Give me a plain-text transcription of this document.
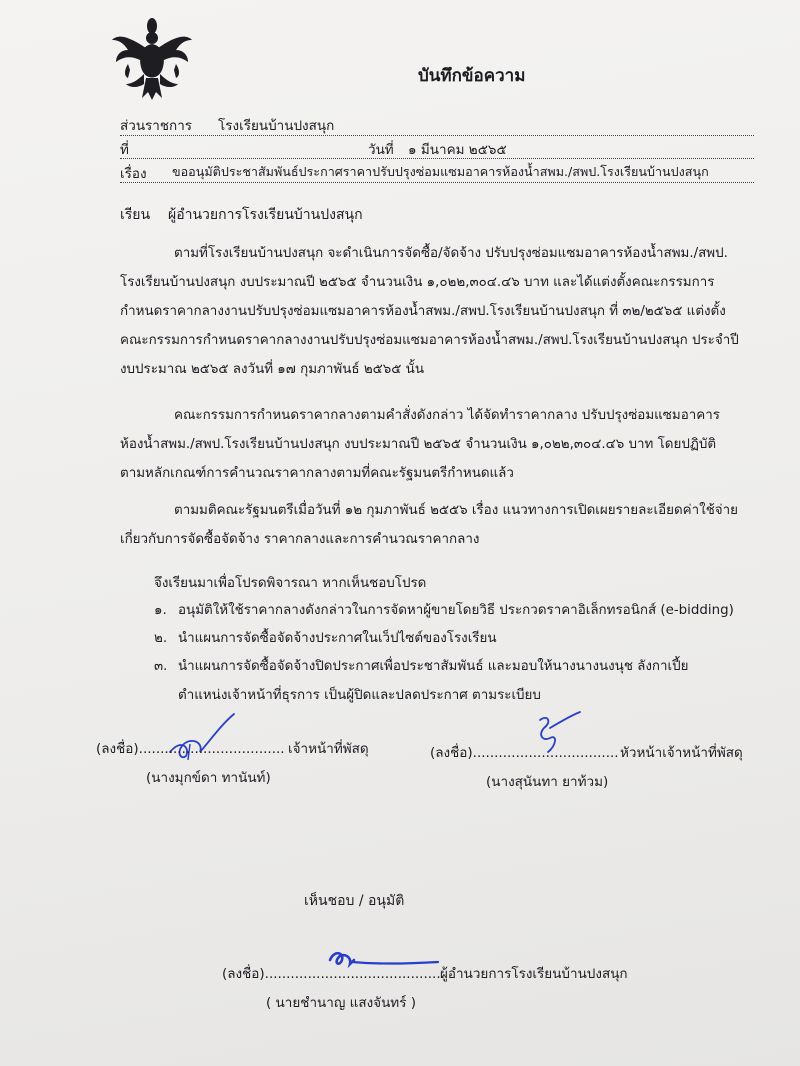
บันทึกข้อความ
ส่วนราชการ โรงเรียนบ้านปงสนุก
ที่	วันที่ ๑ มีนาคม ๒๕๖๕
เรื่อง ขออนุมัติประชาสัมพันธ์ประกาศราคาปรับปรุงซ่อมแซมอาคารห้องน้ำสพม./สพป.โรงเรียนบ้านปงสนุก
เรียน ผู้อำนวยการโรงเรียนบ้านปงสนุก
ตามที่โรงเรียนบ้านปงสนุก จะดำเนินการจัดซื้อ/จัดจ้าง ปรับปรุงซ่อมแซมอาคารห้องน้ำสพม./สพป.
โรงเรียนบ้านปงสนุก งบประมาณปี ๒๕๖๕ จำนวนเงิน ๑,๐๒๒,๓๐๔.๔๖ บาท และได้แต่งตั้งคณะกรรมการ
กำหนดราคากลางงานปรับปรุงซ่อมแซมอาคารห้องน้ำสพม./สพป.โรงเรียนบ้านปงสนุก ที่ ๓๒/๒๕๖๕ แต่งตั้ง
คณะกรรมการกำหนดราคากลางงานปรับปรุงซ่อมแซมอาคารห้องน้ำสพม./สพป.โรงเรียนบ้านปงสนุก ประจำปี
งบประมาณ ๒๕๖๕ ลงวันที่ ๑๗ กุมภาพันธ์ ๒๕๖๕ นั้น
คณะกรรมการกำหนดราคากลางตามคำสั่งดังกล่าว ได้จัดทำราคากลาง ปรับปรุงซ่อมแซมอาคาร
ห้องน้ำสพม./สพป.โรงเรียนบ้านปงสนุก งบประมาณปี ๒๕๖๕ จำนวนเงิน ๑,๐๒๒,๓๐๔.๔๖ บาท โดยปฏิบัติ
ตามหลักเกณฑ์การคำนวณราคากลางตามที่คณะรัฐมนตรีกำหนดแล้ว
ตามมติคณะรัฐมนตรีเมื่อวันที่ ๑๒ กุมภาพันธ์ ๒๕๕๖ เรื่อง แนวทางการเปิดเผยรายละเอียดค่าใช้จ่าย
เกี่ยวกับการจัดซื้อจัดจ้าง ราคากลางและการคำนวณราคากลาง
จึงเรียนมาเพื่อโปรดพิจารณา หากเห็นชอบโปรด
๑. อนุมัติให้ใช้ราคากลางดังกล่าวในการจัดหาผู้ขายโดยวิธี ประกวดราคาอิเล็กทรอนิกส์ (e-bidding)
๒. นำแผนการจัดซื้อจัดจ้างประกาศในเว็ปไซต์ของโรงเรียน
๓. นำแผนการจัดซื้อจัดจ้างปิดประกาศเพื่อประชาสัมพันธ์ และมอบให้นางนางนงนุช ลังกาเปี้ย
ตำแหน่งเจ้าหน้าที่ธุรการ เป็นผู้ปิดและปลดประกาศ ตามระเบียบ
(ลงชื่อ).................................. เจ้าหน้าที่พัสดุ
(นางมุกข์ดา ทานันท์)
(ลงชื่อ).................................. หัวหน้าเจ้าหน้าที่พัสดุ
(นางสุนันทา ยาท้วม)
เห็นชอบ / อนุมัติ
(ลงชื่อ)..........................................
ผู้อำนวยการโรงเรียนบ้านปงสนุก
( นายชำนาญ แสงจันทร์ )
